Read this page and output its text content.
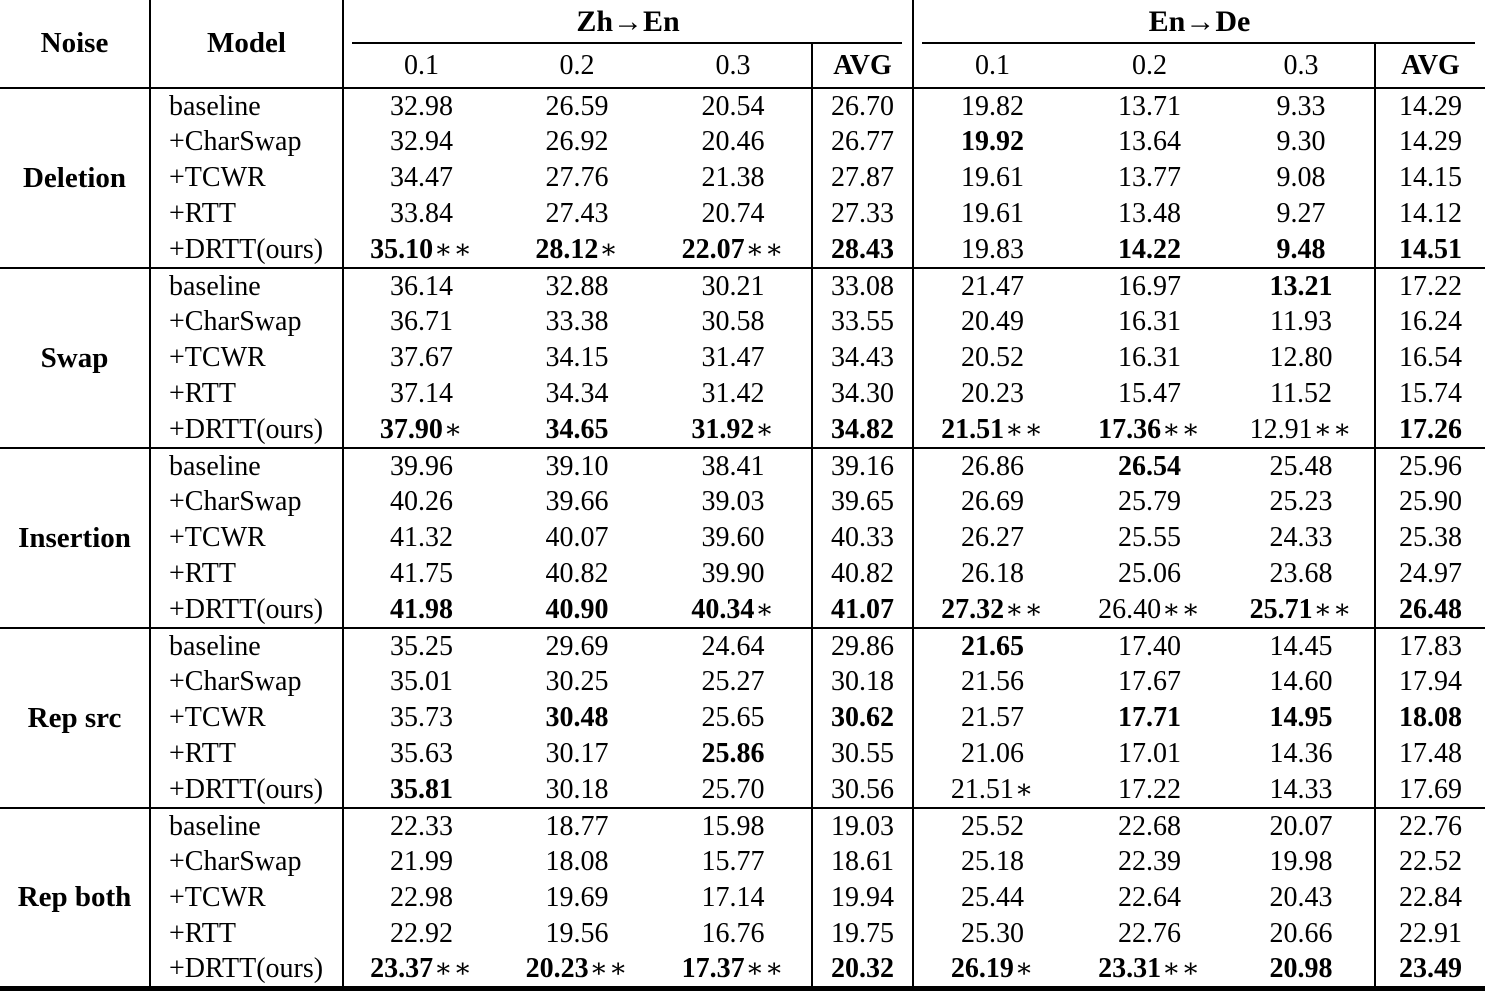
Noise	Model	Zh→En				En→De			
		0.1	0.2	0.3	AVG	0.1	0.2	0.3	AVG
Deletion	baseline	32.98	26.59	20.54	26.70	19.82	13.71	9.33	14.29
	+CharSwap	32.94	26.92	20.46	26.77	19.92	13.64	9.30	14.29
	+TCWR	34.47	27.76	21.38	27.87	19.61	13.77	9.08	14.15
	+RTT	33.84	27.43	20.74	27.33	19.61	13.48	9.27	14.12
	+DRTT(ours)	35.10∗∗	28.12∗	22.07∗∗	28.43	19.83	14.22	9.48	14.51
Swap	baseline	36.14	32.88	30.21	33.08	21.47	16.97	13.21	17.22
	+CharSwap	36.71	33.38	30.58	33.55	20.49	16.31	11.93	16.24
	+TCWR	37.67	34.15	31.47	34.43	20.52	16.31	12.80	16.54
	+RTT	37.14	34.34	31.42	34.30	20.23	15.47	11.52	15.74
	+DRTT(ours)	37.90∗	34.65	31.92∗	34.82	21.51∗∗	17.36∗∗	12.91∗∗	17.26
Insertion	baseline	39.96	39.10	38.41	39.16	26.86	26.54	25.48	25.96
	+CharSwap	40.26	39.66	39.03	39.65	26.69	25.79	25.23	25.90
	+TCWR	41.32	40.07	39.60	40.33	26.27	25.55	24.33	25.38
	+RTT	41.75	40.82	39.90	40.82	26.18	25.06	23.68	24.97
	+DRTT(ours)	41.98	40.90	40.34∗	41.07	27.32∗∗	26.40∗∗	25.71∗∗	26.48
Rep src	baseline	35.25	29.69	24.64	29.86	21.65	17.40	14.45	17.83
	+CharSwap	35.01	30.25	25.27	30.18	21.56	17.67	14.60	17.94
	+TCWR	35.73	30.48	25.65	30.62	21.57	17.71	14.95	18.08
	+RTT	35.63	30.17	25.86	30.55	21.06	17.01	14.36	17.48
	+DRTT(ours)	35.81	30.18	25.70	30.56	21.51∗	17.22	14.33	17.69
Rep both	baseline	22.33	18.77	15.98	19.03	25.52	22.68	20.07	22.76
	+CharSwap	21.99	18.08	15.77	18.61	25.18	22.39	19.98	22.52
	+TCWR	22.98	19.69	17.14	19.94	25.44	22.64	20.43	22.84
	+RTT	22.92	19.56	16.76	19.75	25.30	22.76	20.66	22.91
	+DRTT(ours)	23.37∗∗	20.23∗∗	17.37∗∗	20.32	26.19∗	23.31∗∗	20.98	23.49
